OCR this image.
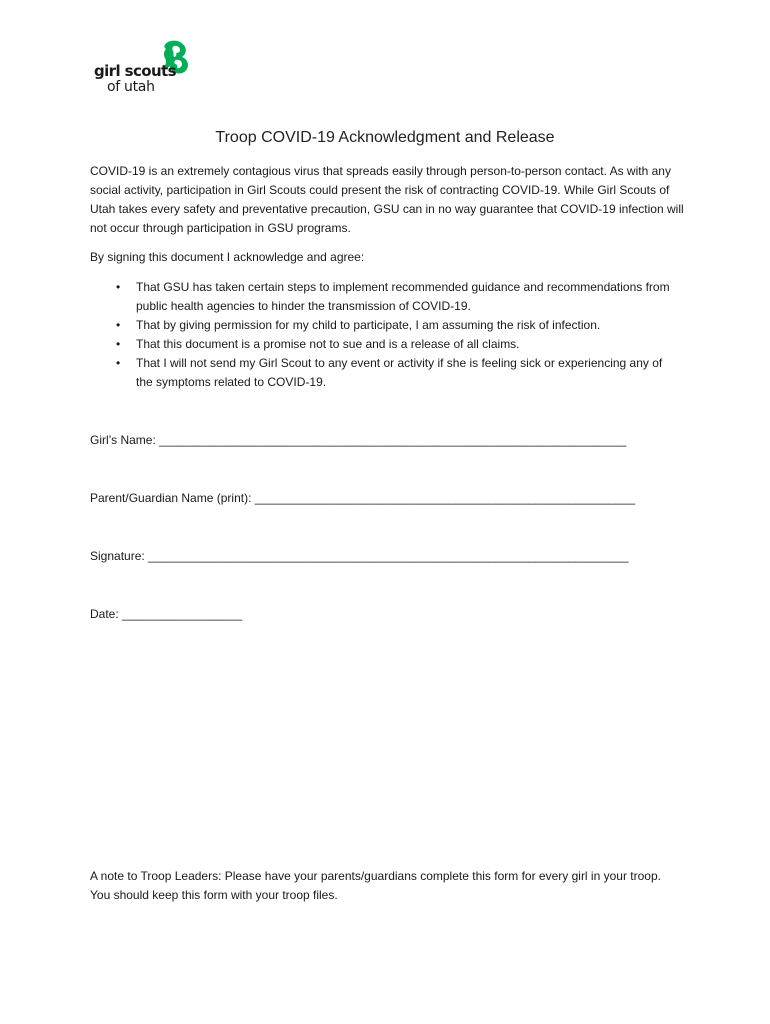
girl scouts
of utah
Troop COVID-19 Acknowledgment and Release

COVID-19 is an extremely contagious virus that spreads easily through person-to-person contact. As with any social activity, participation in Girl Scouts could present the risk of contracting COVID-19. While Girl Scouts of Utah takes every safety and preventative precaution, GSU can in no way guarantee that COVID-19 infection will not occur through participation in GSU programs.

By signing this document I acknowledge and agree:

• That GSU has taken certain steps to implement recommended guidance and recommendations from public health agencies to hinder the transmission of COVID-19.
• That by giving permission for my child to participate, I am assuming the risk of infection.
• That this document is a promise not to sue and is a release of all claims.
• That I will not send my Girl Scout to any event or activity if she is feeling sick or experiencing any of the symptoms related to COVID-19.
Girl’s Name: ______________________________________________________________________
Parent/Guardian Name (print): _________________________________________________________
Signature: ________________________________________________________________________
Date: __________________
A note to Troop Leaders: Please have your parents/guardians complete this form for every girl in your troop. You should keep this form with your troop files.
